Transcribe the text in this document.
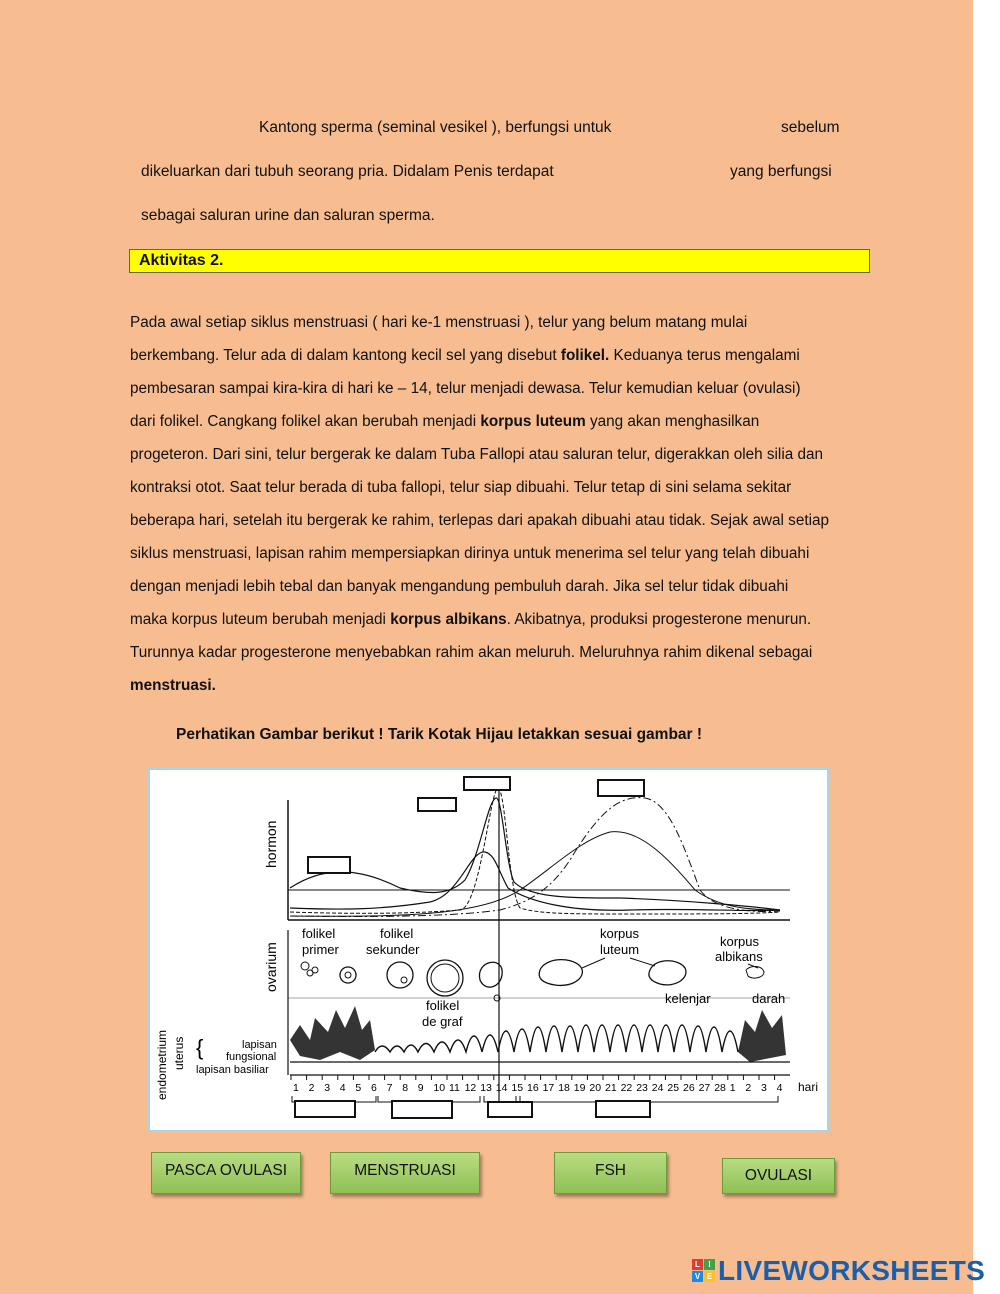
Kantong sperma (seminal vesikel ), berfungsi untuk	sebelum
dikeluarkan dari tubuh seorang pria. Didalam Penis terdapat	yang berfungsi
sebagai saluran urine dan saluran sperma.
Aktivitas 2.
Pada awal setiap siklus menstruasi ( hari ke-1 menstruasi ), telur yang belum matang mulai
berkembang. Telur ada di dalam kantong kecil sel yang disebut folikel. Keduanya terus mengalami
pembesaran sampai kira-kira di hari ke – 14, telur menjadi dewasa. Telur kemudian keluar (ovulasi)
dari folikel. Cangkang folikel akan berubah menjadi korpus luteum yang akan menghasilkan
progeteron. Dari sini, telur bergerak ke dalam Tuba Fallopi atau saluran telur, digerakkan oleh silia dan
kontraksi otot. Saat telur berada di tuba fallopi, telur siap dibuahi. Telur tetap di sini selama sekitar
beberapa hari, setelah itu bergerak ke rahim, terlepas dari apakah dibuahi atau tidak. Sejak awal setiap
siklus menstruasi, lapisan rahim mempersiapkan dirinya untuk menerima sel telur yang telah dibuahi
dengan menjadi lebih tebal dan banyak mengandung pembuluh darah. Jika sel telur tidak dibuahi
maka korpus luteum berubah menjadi korpus albikans. Akibatnya, produksi progesterone menurun.
Turunnya kadar progesterone menyebabkan rahim akan meluruh. Meluruhnya rahim dikenal sebagai
menstruasi.
Perhatikan Gambar berikut ! Tarik Kotak Hijau letakkan sesuai gambar !
hormon
ovarium
endometrium uterus
folikel
primer
folikel
sekunder
folikel
de graf
korpus
luteum
korpus
albikans
kelenjar	darah
lapisan
fungsional
lapisan basiliar
{
1 2 3 4 5 6 7 8 9 10 11 12 13 14 15 16 17 18 19 20 21 22 23 24 25 26 27 28 1 2 3 4 hari
PASCA OVULASI	MENSTRUASI	FSH	OVULASI
L	I
V E LIVEWORKSHEETS
